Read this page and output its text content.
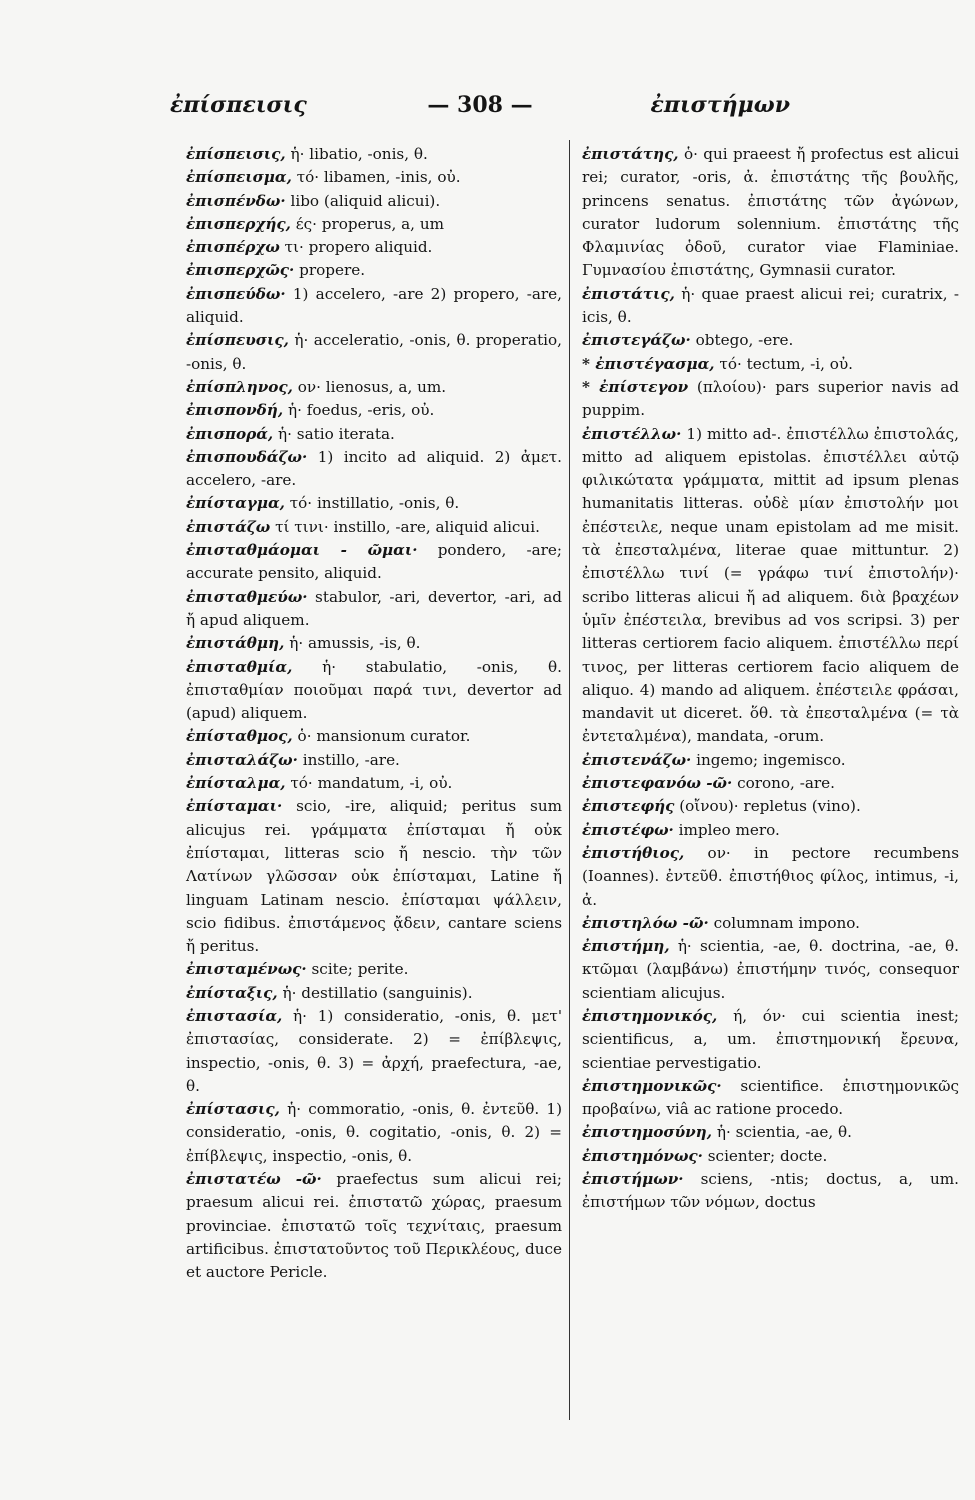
ἐπίσπεισις	— 308 —	ἐπιστήμων
ἐπίσπεισις, ἡ· libatio, -onis, θ.
ἐπίσπεισμα, τό· libamen, -inis, οὐ.
ἐπισπένδω· libo (aliquid alicui).
ἐπισπερχής, ές· properus, a, um
ἐπισπέρχω τι· propero aliquid.
ἐπισπερχῶς· propere.
ἐπισπεύδω· 1) accelero, -are 2) propero, -are, aliquid.
ἐπίσπευσις, ἡ· acceleratio, -onis, θ. properatio, -onis, θ.
ἐπίσπληνος, ον· lienosus, a, um.
ἐπισπονδή, ἡ· foedus, -eris, οὐ.
ἐπισπορά, ἡ· satio iterata.
ἐπισπουδάζω· 1) incito ad aliquid. 2) ἀμετ. accelero, -are.
ἐπίσταγμα, τό· instillatio, -onis, θ.
ἐπιστάζω τί τινι· instillo, -are, aliquid alicui.
ἐπισταθμάομαι - ῶμαι· pondero, -are; accurate pensito, aliquid.
ἐπισταθμεύω· stabulor, -ari, devertor, -ari, ad ἤ apud aliquem.
ἐπιστάθμη, ἡ· amussis, -is, θ.
ἐπισταθμία, ἡ· stabulatio, -onis, θ. ἐπισταθμίαν ποιοῦμαι παρά τινι, devertor ad (apud) aliquem.
ἐπίσταθμος, ὁ· mansionum curator.
ἐπισταλάζω· instillo, -are.
ἐπίσταλμα, τό· mandatum, -i, οὐ.
ἐπίσταμαι· scio, -ire, aliquid; peritus sum alicujus rei. γράμματα ἐπίσταμαι ἤ οὐκ ἐπίσταμαι, litteras scio ἤ nescio. τὴν τῶν Λατίνων γλῶσσαν οὐκ ἐπίσταμαι, Latine ἤ linguam Latinam nescio. ἐπίσταμαι ψάλλειν, scio fidibus. ἐπιστάμενος ᾄδειν, cantare sciens ἤ peritus.
ἐπισταμένως· scite; perite.
ἐπίσταξις, ἡ· destillatio (sanguinis).
ἐπιστασία, ἡ· 1) consideratio, -onis, θ. μετ' ἐπιστασίας, considerate. 2) = ἐπίβλεψις, inspectio, -onis, θ. 3) = ἀρχή, praefectura, -ae, θ.
ἐπίστασις, ἡ· commoratio, -onis, θ. ἐντεῦθ. 1) consideratio, -onis, θ. cogitatio, -onis, θ. 2) = ἐπίβλεψις, inspectio, -onis, θ.
ἐπιστατέω -ῶ· praefectus sum alicui rei; praesum alicui rei. ἐπιστατῶ χώρας, praesum provinciae. ἐπιστατῶ τοῖς τεχνίταις, praesum artificibus. ἐπιστατοῦντος τοῦ Περικλέους, duce et auctore Pericle.
ἐπιστάτης, ὁ· qui praeest ἤ profectus est alicui rei; curator, -oris, ἀ. ἐπιστάτης τῆς βουλῆς, princens senatus. ἐπιστάτης τῶν ἀγώνων, curator ludorum solennium. ἐπιστάτης τῆς Φλαμινίας ὁδοῦ, curator viae Flaminiae. Γυμνασίου ἐπιστάτης, Gymnasii curator.
ἐπιστάτις, ἡ· quae praest alicui rei; curatrix, -icis, θ.
ἐπιστεγάζω· obtego, -ere.
* ἐπιστέγασμα, τό· tectum, -i, οὐ.
* ἐπίστεγον (πλοίου)· pars superior navis ad puppim.
ἐπιστέλλω· 1) mitto ad-. ἐπιστέλλω ἐπιστολάς, mitto ad aliquem epistolas. ἐπιστέλλει αὐτῷ φιλικώτατα γράμματα, mittit ad ipsum plenas humanitatis litteras. οὐδὲ μίαν ἐπιστολήν μοι ἐπέστειλε, neque unam epistolam ad me misit. τὰ ἐπεσταλμένα, literae quae mittuntur. 2) ἐπιστέλλω τινί (= γράφω τινί ἐπιστολήν)· scribo litteras alicui ἤ ad aliquem. διὰ βραχέων ὑμῖν ἐπέστειλα, brevibus ad vos scripsi. 3) per litteras certiorem facio aliquem. ἐπιστέλλω περί τινος, per litteras certiorem facio aliquem de aliquo. 4) mando ad aliquem. ἐπέστειλε φράσαι, mandavit ut diceret. ὅθ. τὰ ἐπεσταλμένα (= τὰ ἐντεταλμένα), mandata, -orum.
ἐπιστενάζω· ingemo; ingemisco.
ἐπιστεφανόω -ῶ· corono, -are.
ἐπιστεφής (οἴνου)· repletus (vino).
ἐπιστέφω· impleo mero.
ἐπιστήθιος, ον· in pectore recumbens (Ioannes). ἐντεῦθ. ἐπιστήθιος φίλος, intimus, -i, ἀ.
ἐπιστηλόω -ῶ· columnam impono.
ἐπιστήμη, ἡ· scientia, -ae, θ. doctrina, -ae, θ. κτῶμαι (λαμβάνω) ἐπιστήμην τινός, consequor scientiam alicujus.
ἐπιστημονικός, ή, όν· cui scientia inest; scientificus, a, um. ἐπιστημονική ἔρευνα, scientiae pervestigatio.
ἐπιστημονικῶς· scientifice. ἐπιστημονικῶς προβαίνω, viâ ac ratione procedo.
ἐπιστημοσύνη, ἡ· scientia, -ae, θ.
ἐπιστημόνως· scienter; docte.
ἐπιστήμων· sciens, -ntis; doctus, a, um. ἐπιστήμων τῶν νόμων, doctus
